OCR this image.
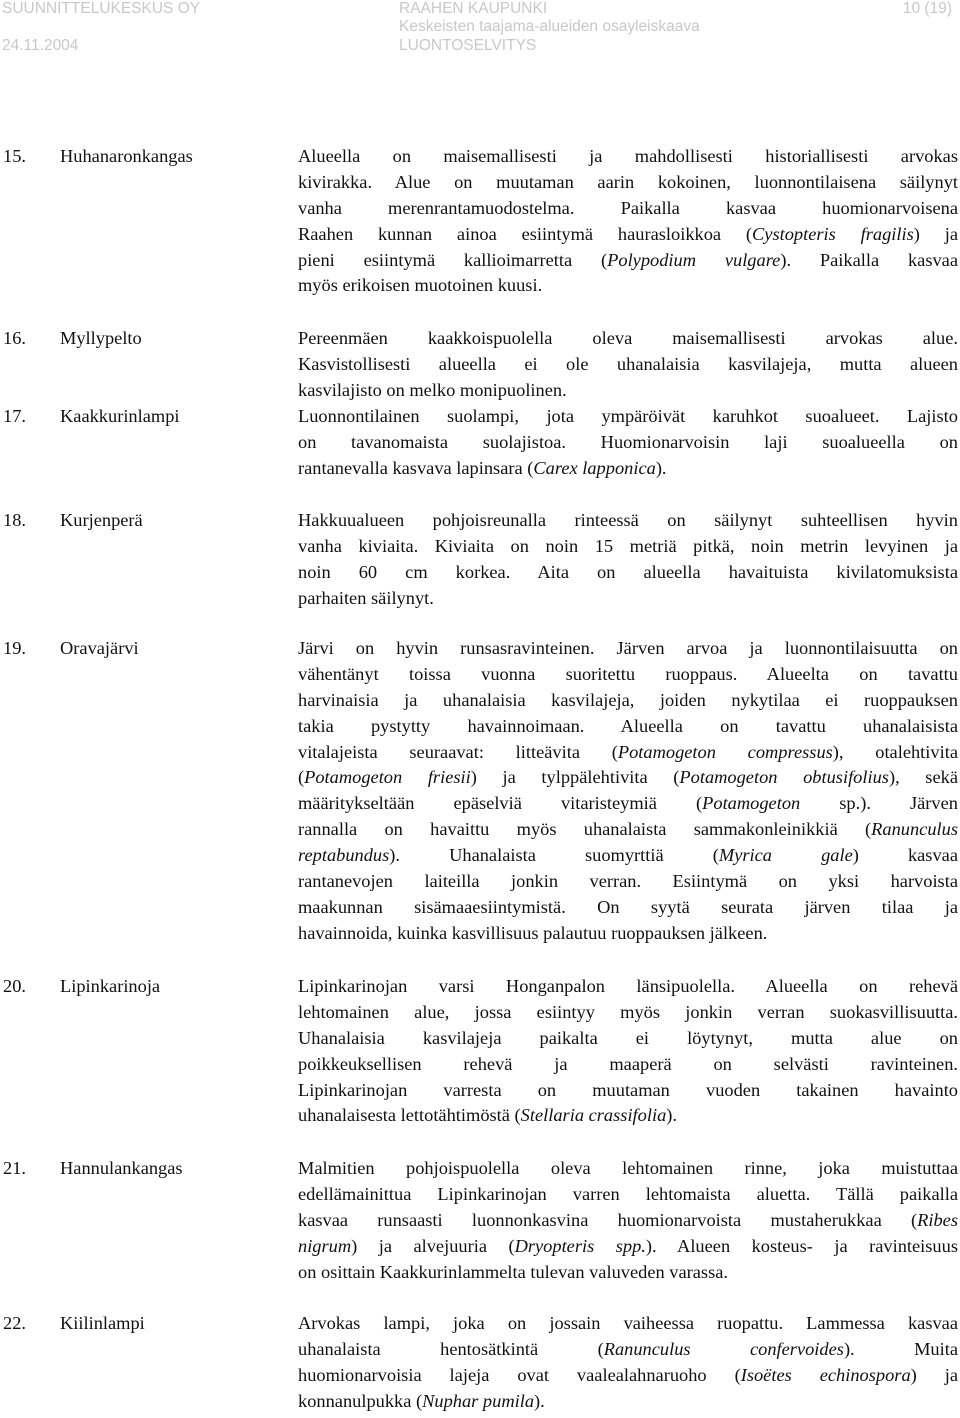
SUUNNITTELUKESKUS OY
24.11.2004
RAAHEN KAUPUNKI
Keskeisten taajama-alueiden osayleiskaava
LUONTOSELVITYS
10 (19)
15. Huhanaronkangas	Alueella on maisemallisesti ja mahdollisesti historiallisesti arvokas
kivirakka. Alue on muutaman aarin kokoinen, luonnontilaisena säilynyt
vanha merenrantamuodostelma. Paikalla kasvaa huomionarvoisena
Raahen kunnan ainoa esiintymä haurasloikkoa (Cystopteris fragilis) ja
pieni esiintymä kallioimarretta (Polypodium vulgare). Paikalla kasvaa
myös erikoisen muotoinen kuusi.
16. Myllypelto	Pereenmäen kaakkoispuolella oleva maisemallisesti arvokas alue.
Kasvistollisesti alueella ei ole uhanalaisia kasvilajeja, mutta alueen
kasvilajisto on melko monipuolinen.
17. Kaakkurinlampi	Luonnontilainen suolampi, jota ympäröivät karuhkot suoalueet. Lajisto
on tavanomaista suolajistoa. Huomionarvoisin laji suoalueella on
rantanevalla kasvava lapinsara (Carex lapponica).
18. Kurjenperä	Hakkuualueen pohjoisreunalla rinteessä on säilynyt suhteellisen hyvin
vanha kiviaita. Kiviaita on noin 15 metriä pitkä, noin metrin levyinen ja
noin 60 cm korkea. Aita on alueella havaituista kivilatomuksista
parhaiten säilynyt.
19. Oravajärvi	Järvi on hyvin runsasravinteinen. Järven arvoa ja luonnontilaisuutta on
vähentänyt toissa vuonna suoritettu ruoppaus. Alueelta on tavattu
harvinaisia ja uhanalaisia kasvilajeja, joiden nykytilaa ei ruoppauksen
takia pystytty havainnoimaan. Alueella on tavattu uhanalaisista
vitalajeista seuraavat: litteävita (Potamogeton compressus), otalehtivita
(Potamogeton friesii) ja tylppälehtivita (Potamogeton obtusifolius), sekä
määritykseltään epäselviä vitaristeymiä (Potamogeton sp.). Järven
rannalla on havaittu myös uhanalaista sammakonleinikkiä (Ranunculus
reptabundus). Uhanalaista suomyrttiä (Myrica gale) kasvaa
rantanevojen laiteilla jonkin verran. Esiintymä on yksi harvoista
maakunnan sisämaaesiintymistä. On syytä seurata järven tilaa ja
havainnoida, kuinka kasvillisuus palautuu ruoppauksen jälkeen.
20. Lipinkarinoja	Lipinkarinojan varsi Honganpalon länsipuolella. Alueella on rehevä
lehtomainen alue, jossa esiintyy myös jonkin verran suokasvillisuutta.
Uhanalaisia kasvilajeja paikalta ei löytynyt, mutta alue on
poikkeuksellisen rehevä ja maaperä on selvästi ravinteinen.
Lipinkarinojan varresta on muutaman vuoden takainen havainto
uhanalaisesta lettotähtimöstä (Stellaria crassifolia).
21. Hannulankangas	Malmitien pohjoispuolella oleva lehtomainen rinne, joka muistuttaa
edellämainittua Lipinkarinojan varren lehtomaista aluetta. Tällä paikalla
kasvaa runsaasti luonnonkasvina huomionarvoista mustaherukkaa (Ribes
nigrum) ja alvejuuria (Dryopteris spp.). Alueen kosteus- ja ravinteisuus
on osittain Kaakkurinlammelta tulevan valuveden varassa.
22. Kiilinlampi	Arvokas lampi, joka on jossain vaiheessa ruopattu. Lammessa kasvaa
uhanalaista hentosätkintä (Ranunculus confervoides). Muita
huomionarvoisia lajeja ovat vaalealahnaruoho (Isoëtes echinospora) ja
konnanulpukka (Nuphar pumila).
